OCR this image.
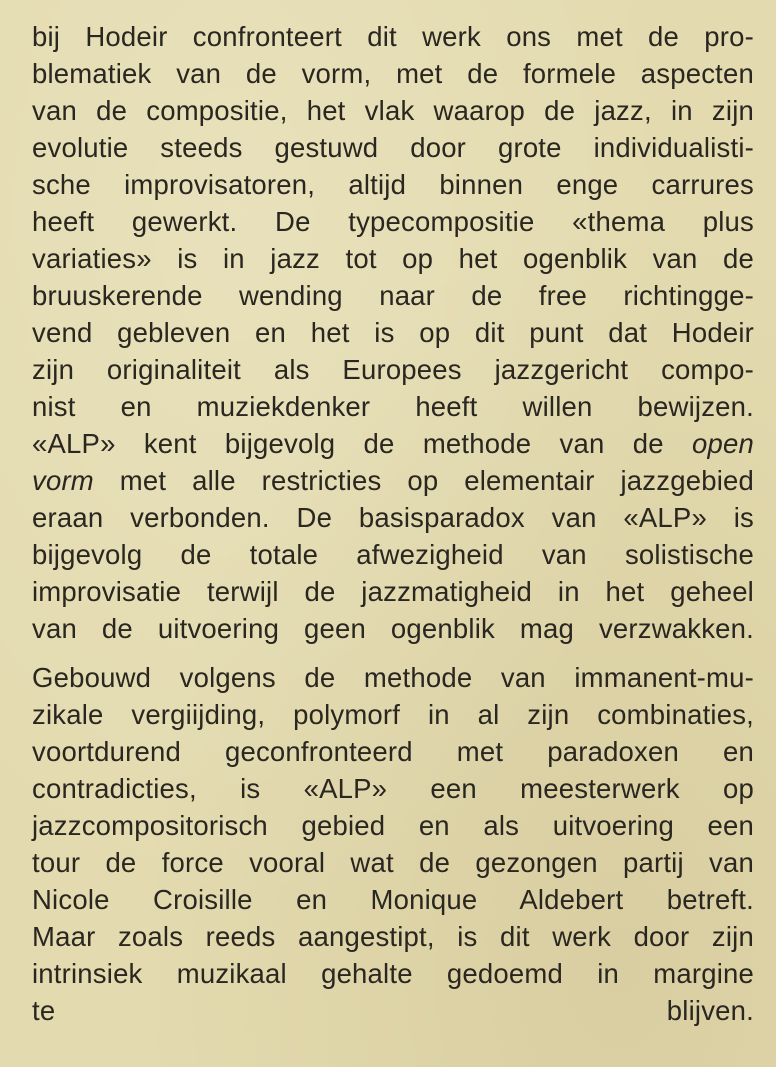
bij Hodeir confronteert dit werk ons met de pro-
blematiek van de vorm, met de formele aspecten
van de compositie, het vlak waarop de jazz, in zijn
evolutie steeds gestuwd door grote individualisti-
sche improvisatoren, altijd binnen enge carrures
heeft gewerkt. De typecompositie «thema plus
variaties» is in jazz tot op het ogenblik van de
bruuskerende wending naar de free richtingge-
vend gebleven en het is op dit punt dat Hodeir
zijn originaliteit als Europees jazzgericht compo-
nist en muziekdenker heeft willen bewijzen.
«ALP» kent bijgevolg de methode van de open
vorm met alle restricties op elementair jazzgebied
eraan verbonden. De basisparadox van «ALP» is
bijgevolg de totale afwezigheid van solistische
improvisatie terwijl de jazzmatigheid in het geheel
van de uitvoering geen ogenblik mag verzwakken.

Gebouwd volgens de methode van immanent-mu-
zikale vergiijding, polymorf in al zijn combinaties,
voortdurend geconfronteerd met paradoxen en
contradicties, is «ALP» een meesterwerk op
jazzcompositorisch gebied en als uitvoering een
tour de force vooral wat de gezongen partij van
Nicole Croisille en Monique Aldebert betreft.
Maar zoals reeds aangestipt, is dit werk door zijn
intrinsiek muzikaal gehalte gedoemd in margine
te blijven.
